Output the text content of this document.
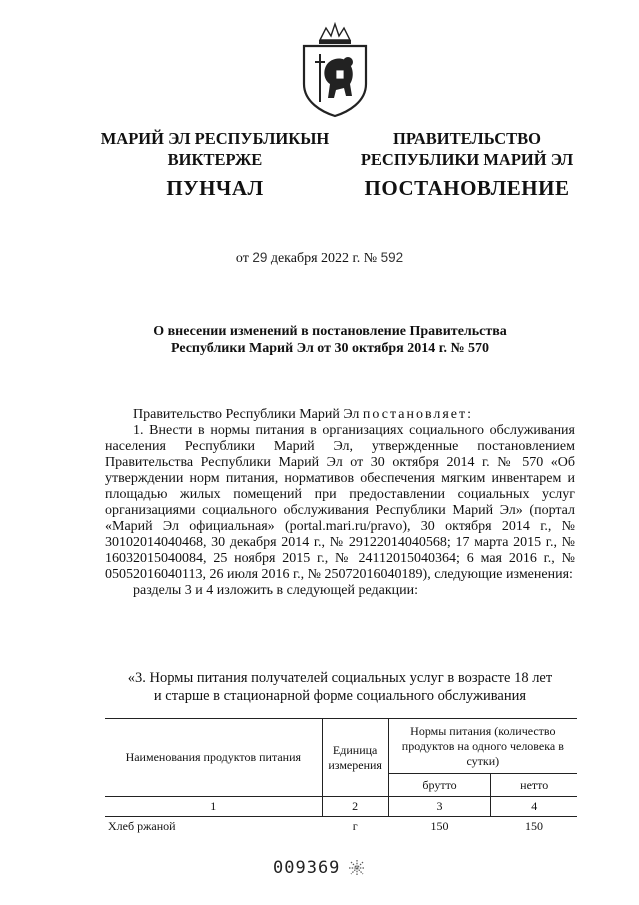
МАРИЙ ЭЛ РЕСПУБЛИКЫН
ВИКТЕРЖЕ
ПУНЧАЛ
ПРАВИТЕЛЬСТВО
РЕСПУБЛИКИ МАРИЙ ЭЛ
ПОСТАНОВЛЕНИЕ
от 29 декабря 2022 г. № 592
О внесении изменений в постановление Правительства
Республики Марий Эл от 30 октября 2014 г. № 570

Правительство Республики Марий Эл постановляет:

1. Внести в нормы питания в организациях социального обслуживания населения Республики Марий Эл, утвержденные постановлением Правительства Республики Марий Эл от 30 октября 2014 г. № 570 «Об утверждении норм питания, нормативов обеспечения мягким инвентарем и площадью жилых помещений при предоставлении социальных услуг организациями социального обслуживания Республики Марий Эл» (портал «Марий Эл официальная» (portal.mari.ru/pravo), 30 октября 2014 г., № 30102014040468, 30 декабря 2014 г., № 29122014040568; 17 марта 2015 г., № 16032015040084, 25 ноября 2015 г., № 24112015040364; 6 мая 2016 г., № 05052016040113, 26 июля 2016 г., № 25072016040189), следующие изменения:

разделы 3 и 4 изложить в следующей редакции:

«3. Нормы питания получателей социальных услуг в возрасте 18 лет
и старше в стационарной форме социального обслуживания
Наименования продуктов питания	Единица измерения	Нормы питания (количество продуктов на одного человека в сутки)	
		брутто	нетто
1	2	3	4
Хлеб ржаной	г	150	150
009369
